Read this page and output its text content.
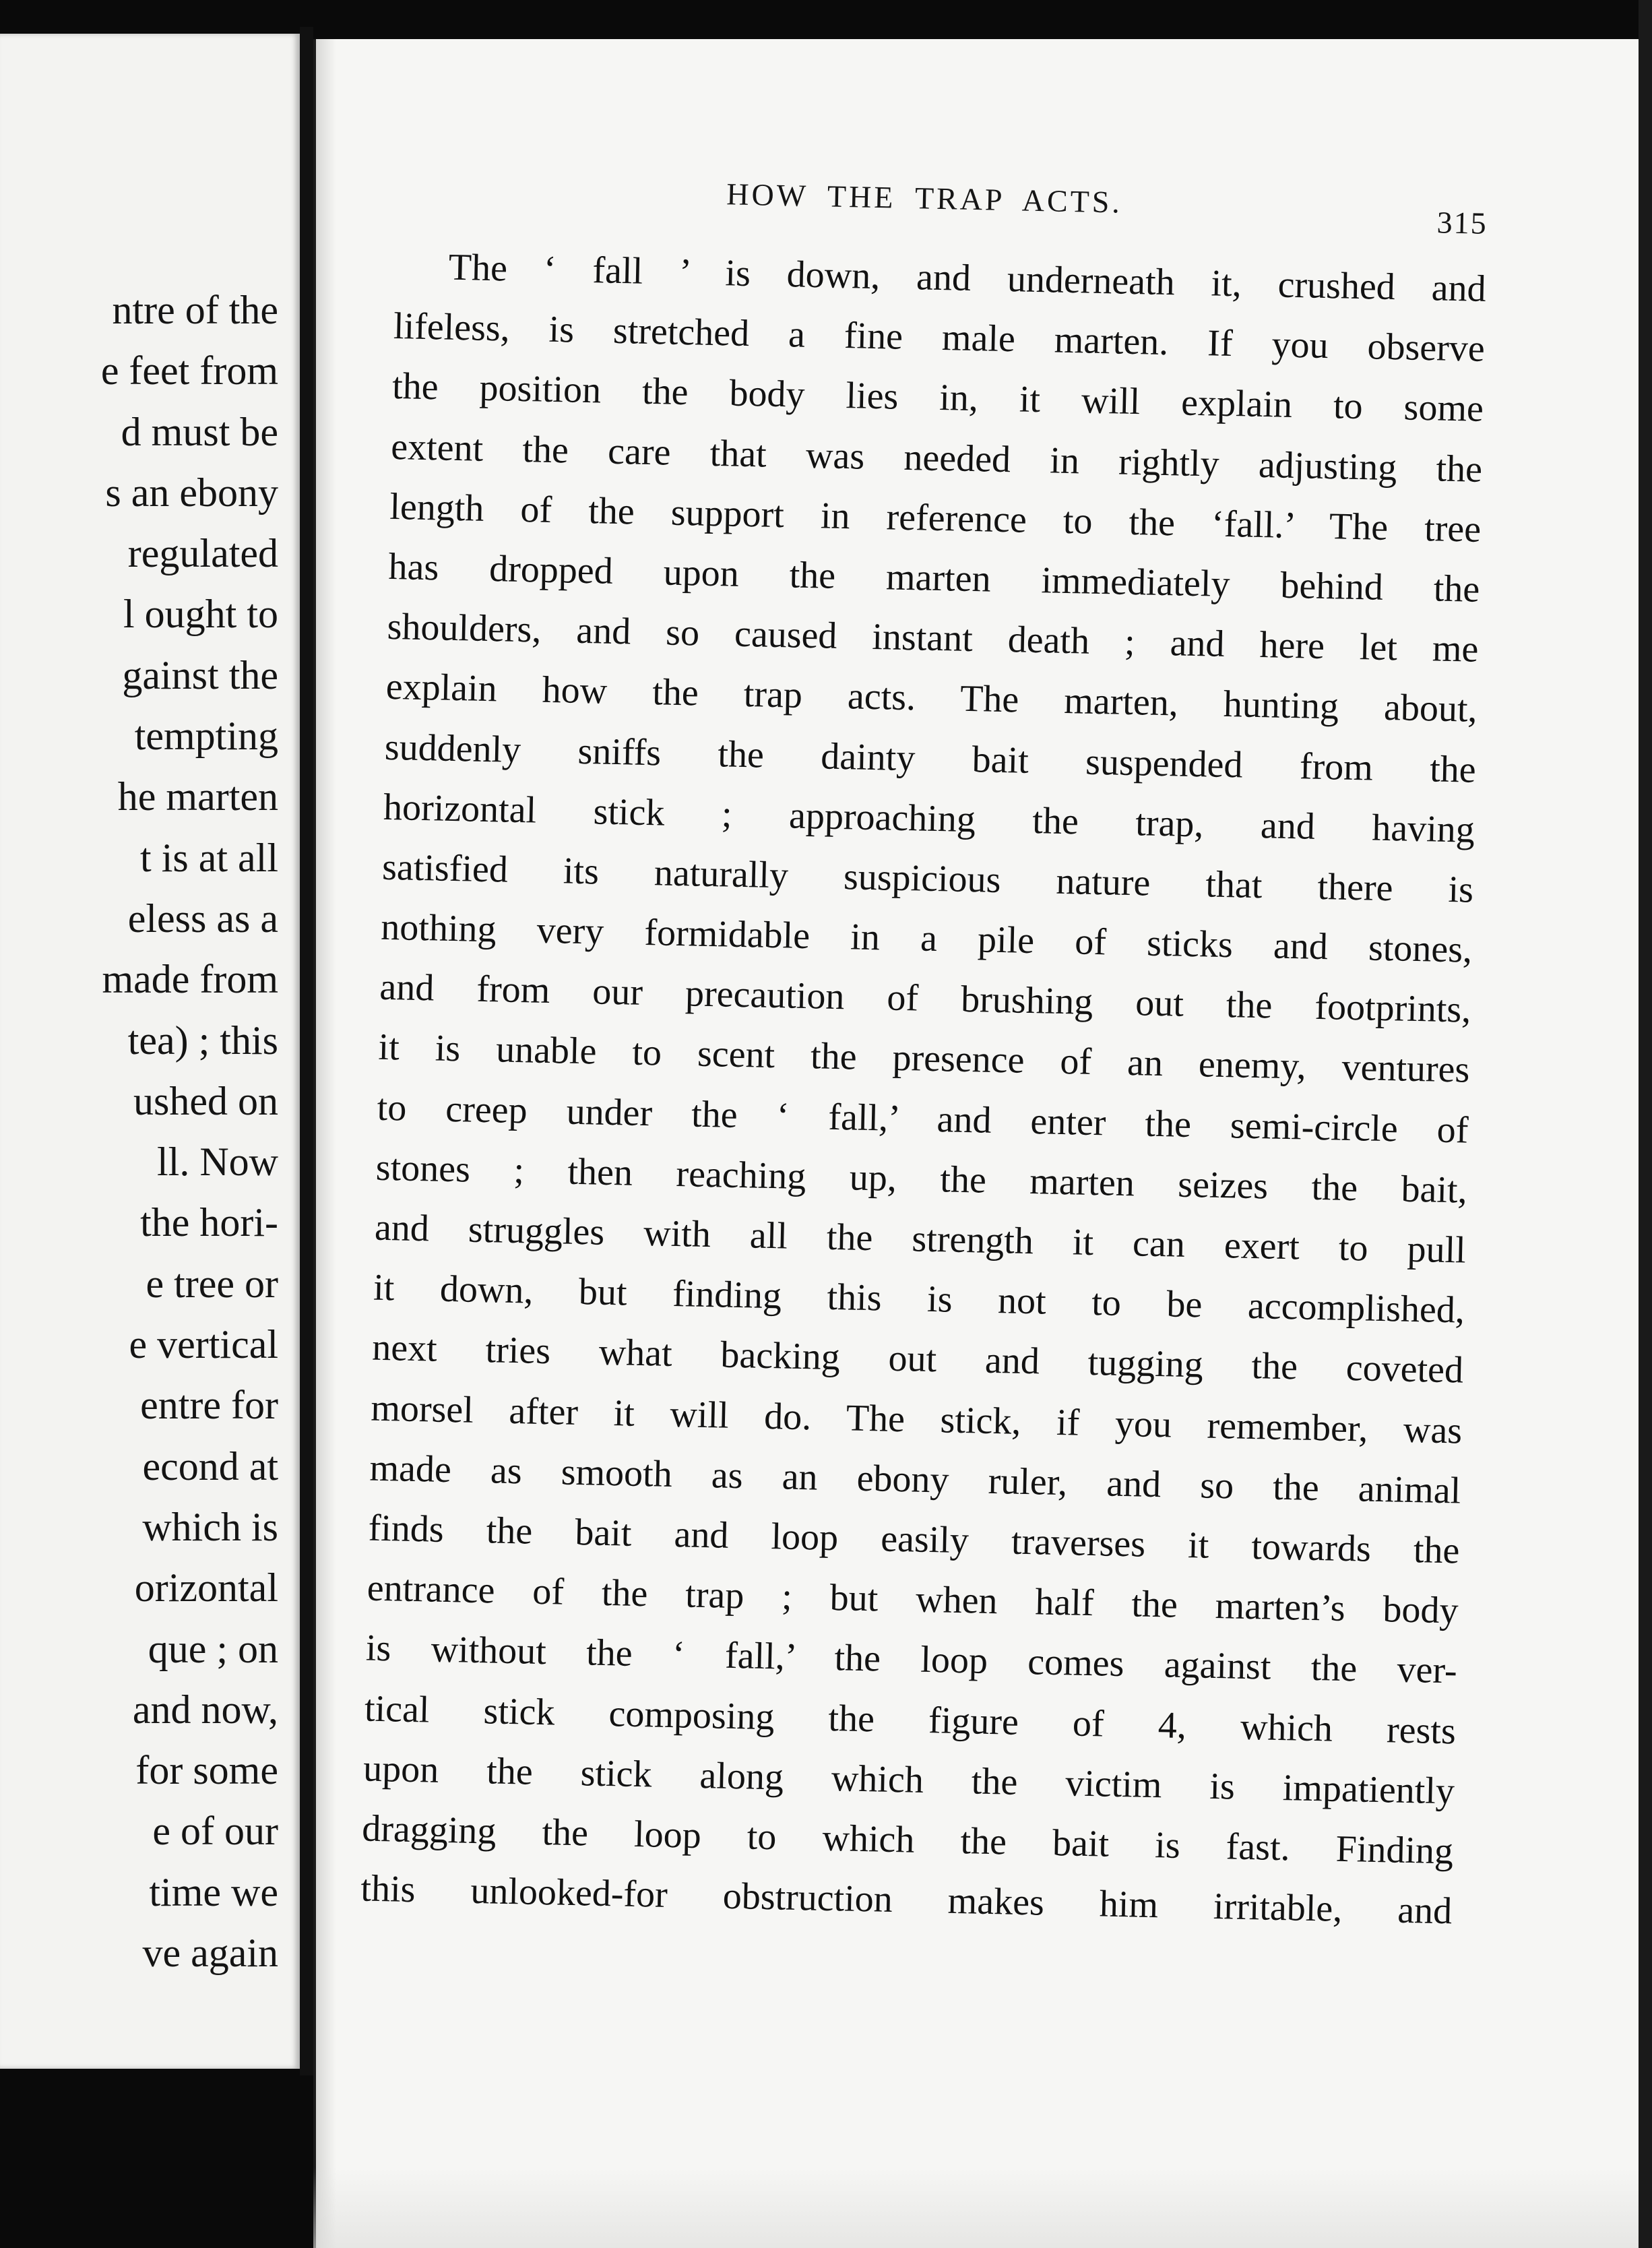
ntre of the
e feet from
d must be
s an ebony
regulated
l ought to
gainst the
tempting
he marten
t is at all
eless as a
made from
tea) ; this
ushed on
ll. Now
the hori-
e tree or
e vertical
entre for
econd at
which is
orizontal
que ; on
and now,
for some
e of our
time we
ve again
HOW THE TRAP ACTS.
315
The ‘ fall ’ is down, and underneath it, crushed and
lifeless, is stretched a fine male marten. If you observe
the position the body lies in, it will explain to some
extent the care that was needed in rightly adjusting the
length of the support in reference to the ‘fall.’ The tree
has dropped upon the marten immediately behind the
shoulders, and so caused instant death ; and here let me
explain how the trap acts. The marten, hunting about,
suddenly sniffs the dainty bait suspended from the
horizontal stick ; approaching the trap, and having
satisfied its naturally suspicious nature that there is
nothing very formidable in a pile of sticks and stones,
and from our precaution of brushing out the footprints,
it is unable to scent the presence of an enemy, ventures
to creep under the ‘ fall,’ and enter the semi-circle of
stones ; then reaching up, the marten seizes the bait,
and struggles with all the strength it can exert to pull
it down, but finding this is not to be accomplished,
next tries what backing out and tugging the coveted
morsel after it will do. The stick, if you remember, was
made as smooth as an ebony ruler, and so the animal
finds the bait and loop easily traverses it towards the
entrance of the trap ; but when half the marten’s body
is without the ‘ fall,’ the loop comes against the ver-
tical stick composing the figure of 4, which rests
upon the stick along which the victim is impatiently
dragging the loop to which the bait is fast. Finding
this unlooked-for obstruction makes him irritable, and
